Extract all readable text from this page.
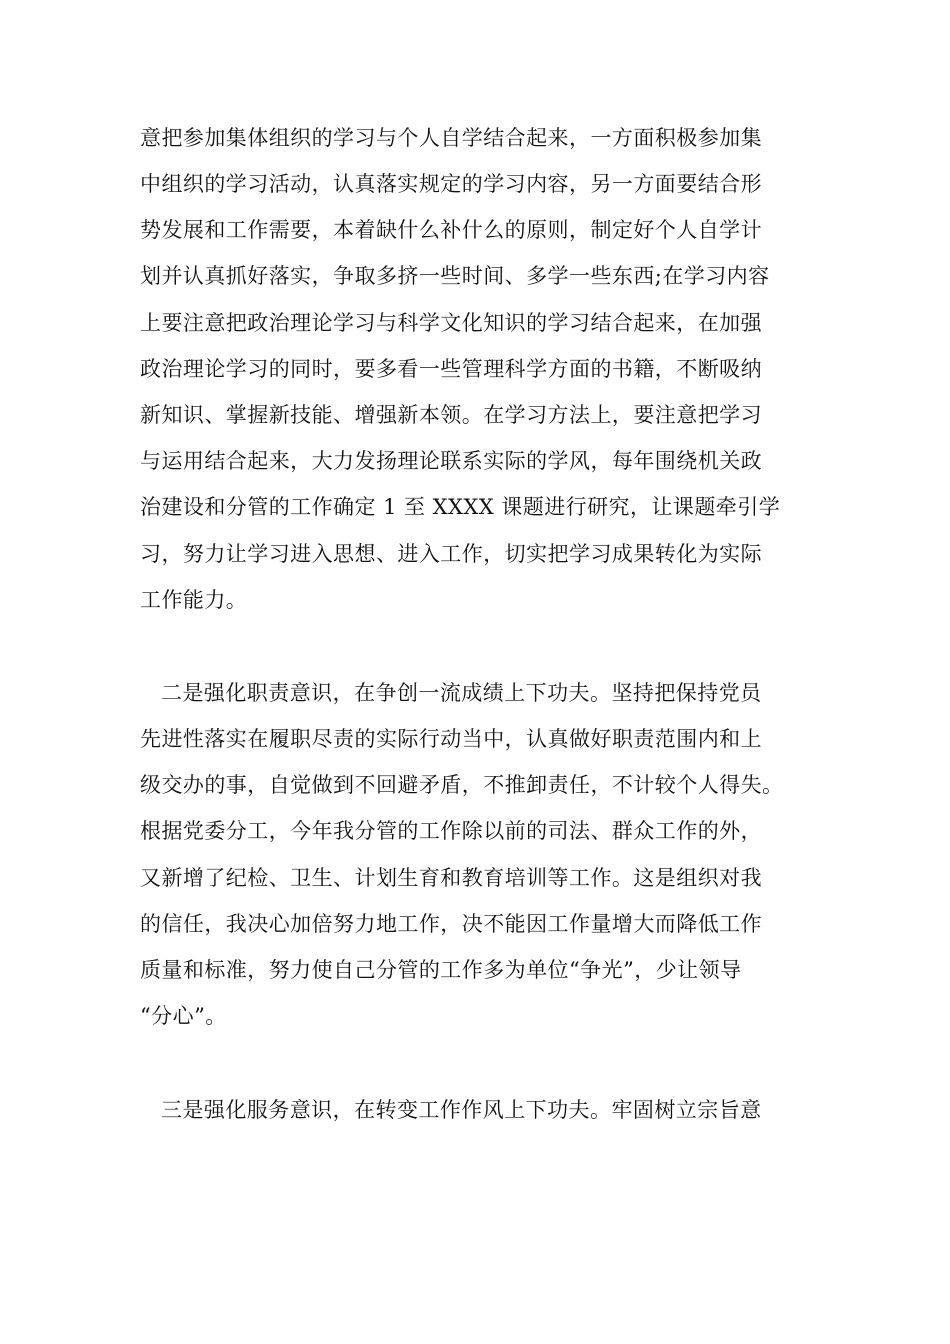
意把参加集体组织的学习与个人自学结合起来，一方面积极参加集
中组织的学习活动，认真落实规定的学习内容，另一方面要结合形
势发展和工作需要，本着缺什么补什么的原则，制定好个人自学计
划并认真抓好落实，争取多挤一些时间、多学一些东西;在学习内容
上要注意把政治理论学习与科学文化知识的学习结合起来，在加强
政治理论学习的同时，要多看一些管理科学方面的书籍，不断吸纳
新知识、掌握新技能、增强新本领。在学习方法上，要注意把学习
与运用结合起来，大力发扬理论联系实际的学风，每年围绕机关政
治建设和分管的工作确定 1 至 XXXX 课题进行研究，让课题牵引学
习，努力让学习进入思想、进入工作，切实把学习成果转化为实际
工作能力。
二是强化职责意识，在争创一流成绩上下功夫。坚持把保持党员
先进性落实在履职尽责的实际行动当中，认真做好职责范围内和上
级交办的事，自觉做到不回避矛盾，不推卸责任，不计较个人得失。
根据党委分工，今年我分管的工作除以前的司法、群众工作的外，
又新增了纪检、卫生、计划生育和教育培训等工作。这是组织对我
的信任，我决心加倍努力地工作，决不能因工作量增大而降低工作
质量和标准，努力使自己分管的工作多为单位“争光”，少让领导
“分心”。
三是强化服务意识，在转变工作作风上下功夫。牢固树立宗旨意
